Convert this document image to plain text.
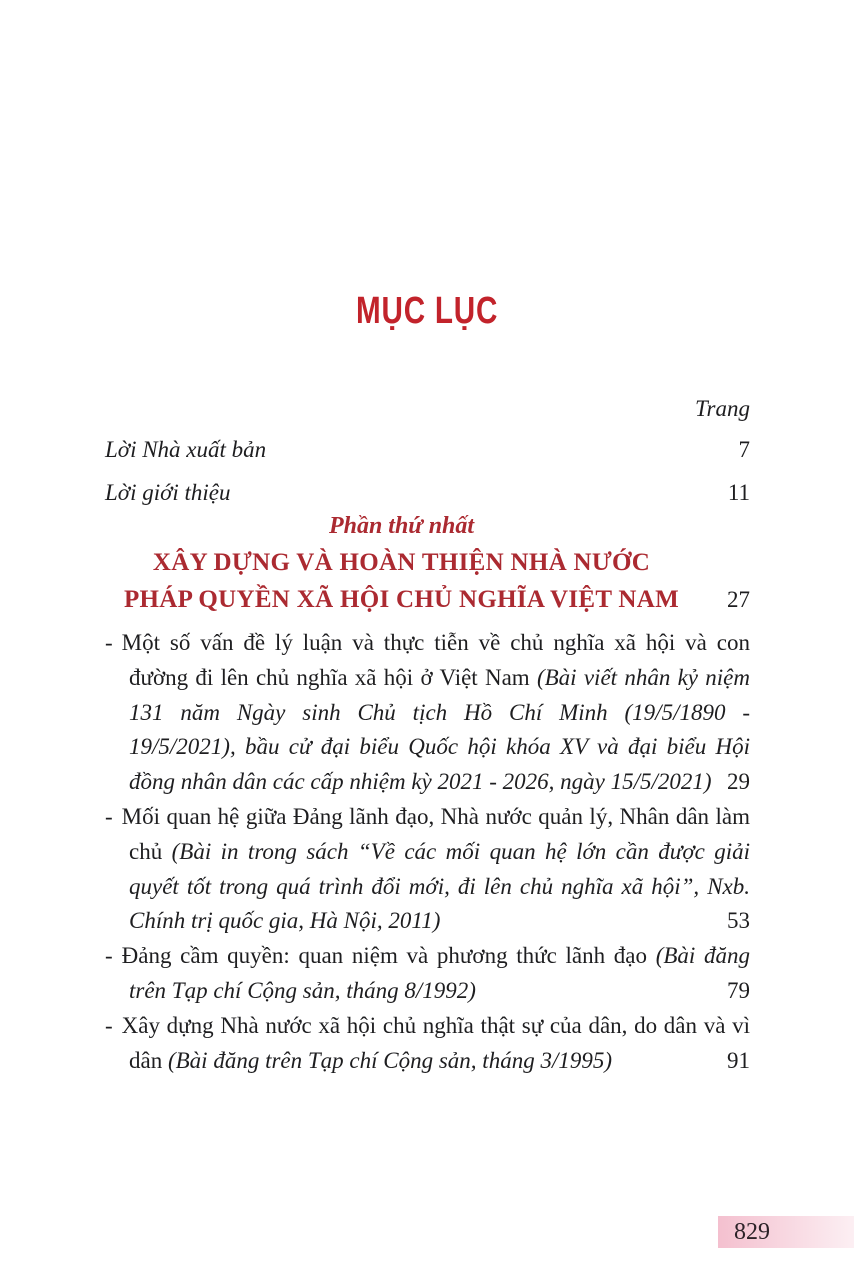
MỤC LỤC
Trang
Lời Nhà xuất bản	7
Lời giới thiệu	11
Phần thứ nhất
XÂY DỰNG VÀ HOÀN THIỆN NHÀ NƯỚC
PHÁP QUYỀN XÃ HỘI CHỦ NGHĨA VIỆT NAM	27
- Một số vấn đề lý luận và thực tiễn về chủ nghĩa xã hội và con đường đi lên chủ nghĩa xã hội ở Việt Nam (Bài viết nhân kỷ niệm 131 năm Ngày sinh Chủ tịch Hồ Chí Minh (19/5/1890 - 19/5/2021), bầu cử đại biểu Quốc hội khóa XV và đại biểu Hội đồng nhân dân các cấp nhiệm kỳ 2021 - 2026, ngày 15/5/2021) 29
- Mối quan hệ giữa Đảng lãnh đạo, Nhà nước quản lý, Nhân dân làm chủ (Bài in trong sách “Về các mối quan hệ lớn cần được giải quyết tốt trong quá trình đổi mới, đi lên chủ nghĩa xã hội”, Nxb. Chính trị quốc gia, Hà Nội, 2011)	53
- Đảng cầm quyền: quan niệm và phương thức lãnh đạo (Bài đăng trên Tạp chí Cộng sản, tháng 8/1992)	79
- Xây dựng Nhà nước xã hội chủ nghĩa thật sự của dân, do dân và vì dân (Bài đăng trên Tạp chí Cộng sản, tháng 3/1995)	91
829
